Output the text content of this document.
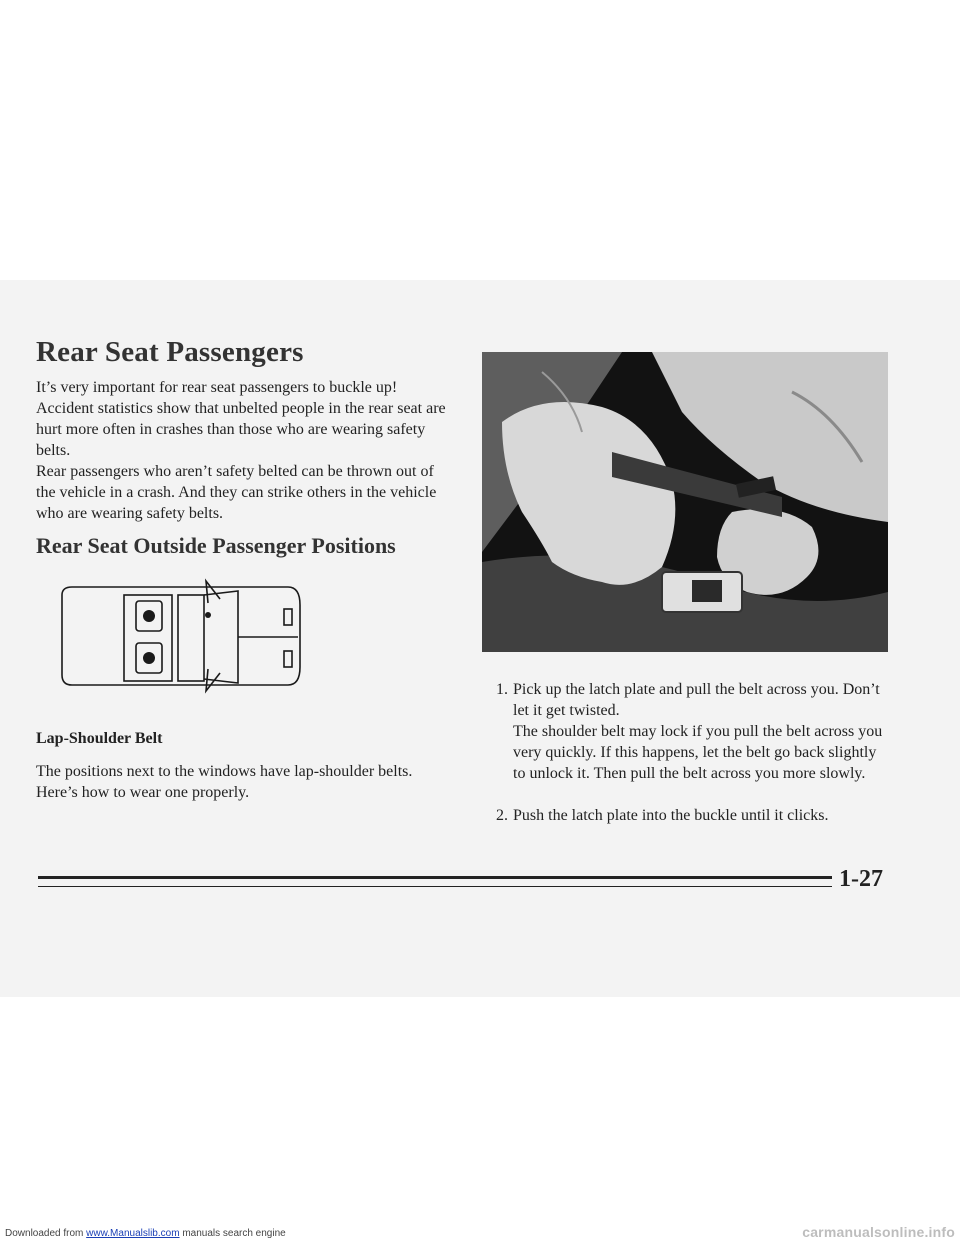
Rear Seat Passengers

It’s very important for rear seat passengers to buckle up! Accident statistics show that unbelted people in the rear seat are hurt more often in crashes than those who are wearing safety belts.

Rear passengers who aren’t safety belted can be thrown out of the vehicle in a crash. And they can strike others in the vehicle who are wearing safety belts.

Rear Seat Outside Passenger Positions
Lap-Shoulder Belt

The positions next to the windows have lap-shoulder belts. Here’s how to wear one properly.

1. Pick up the latch plate and pull the belt across you. Don’t let it get twisted.

The shoulder belt may lock if you pull the belt across you very quickly. If this happens, let the belt go back slightly to unlock it. Then pull the belt across you more slowly.

2. Push the latch plate into the buckle until it clicks.
1-27

Downloaded from www.Manualslib.com manuals search engine	carmanualsonline.info
